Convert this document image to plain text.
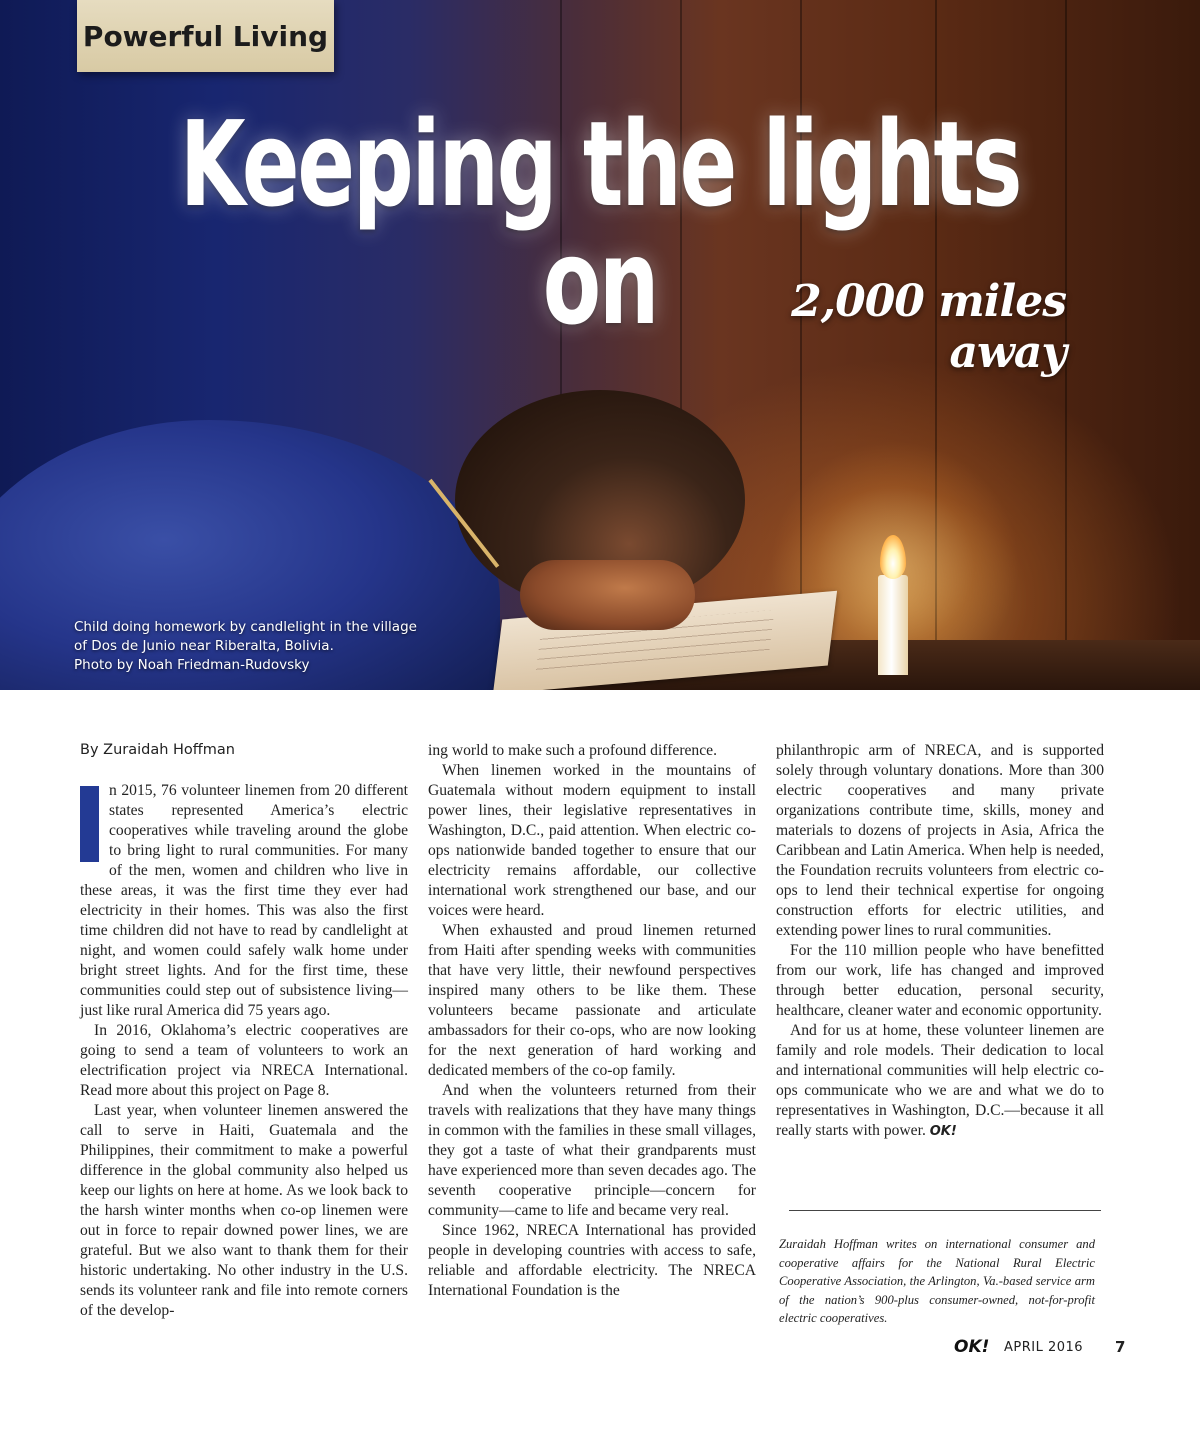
Powerful Living
Keeping the lights on	2,000 miles away
Child doing homework by candlelight in the village
of Dos de Junio near Riberalta, Bolivia.
Photo by Noah Friedman-Rudovsky
By Zuraidah Hoffman

n 2015, 76 volunteer linemen from 20 different states represented America’s electric cooperatives while traveling around the globe to bring light to rural communities. For many of the men, women and children who live in these areas, it was the first time they ever had electricity in their homes. This was also the first time children did not have to read by candlelight at night, and women could safely walk home under bright street lights. And for the first time, these communities could step out of subsistence living—just like rural America did 75 years ago.

In 2016, Oklahoma’s electric cooperatives are going to send a team of volunteers to work an electrification project via NRECA International. Read more about this project on Page 8.

Last year, when volunteer linemen answered the call to serve in Haiti, Guatemala and the Philippines, their commitment to make a powerful difference in the global community also helped us keep our lights on here at home. As we look back to the harsh winter months when co-op linemen were out in force to repair downed power lines, we are grateful. But we also want to thank them for their historic undertaking. No other industry in the U.S. sends its volunteer rank and file into remote corners of the develop-

ing world to make such a profound difference.

When linemen worked in the mountains of Guatemala without modern equipment to install power lines, their legislative representatives in Washington, D.C., paid attention. When electric co-ops nationwide banded together to ensure that our electricity remains affordable, our collective international work strengthened our base, and our voices were heard.

When exhausted and proud linemen returned from Haiti after spending weeks with communities that have very little, their newfound perspectives inspired many others to be like them. These volunteers became passionate and articulate ambassadors for their co-ops, who are now looking for the next generation of hard working and dedicated members of the co-op family.

And when the volunteers returned from their travels with realizations that they have many things in common with the families in these small villages, they got a taste of what their grandparents must have experienced more than seven decades ago. The seventh cooperative principle—concern for community—came to life and became very real.

Since 1962, NRECA International has provided people in developing countries with access to safe, reliable and affordable electricity. The NRECA International Foundation is the

philanthropic arm of NRECA, and is supported solely through voluntary donations. More than 300 electric cooperatives and many private organizations contribute time, skills, money and materials to dozens of projects in Asia, Africa the Caribbean and Latin America. When help is needed, the Foundation recruits volunteers from electric co-ops to lend their technical expertise for ongoing construction efforts for electric utilities, and extending power lines to rural communities.

For the 110 million people who have benefitted from our work, life has changed and improved through better education, personal security, healthcare, cleaner water and economic opportunity.

And for us at home, these volunteer linemen are family and role models. Their dedication to local and international communities will help electric co-ops communicate who we are and what we do to representatives in Washington, D.C.—because it all really starts with power. OK!

Zuraidah Hoffman writes on international consumer and cooperative affairs for the National Rural Electric Cooperative Association, the Arlington, Va.-based service arm of the nation’s 900-plus consumer-owned, not-for-profit electric cooperatives.
OK! APRIL 2016 7
